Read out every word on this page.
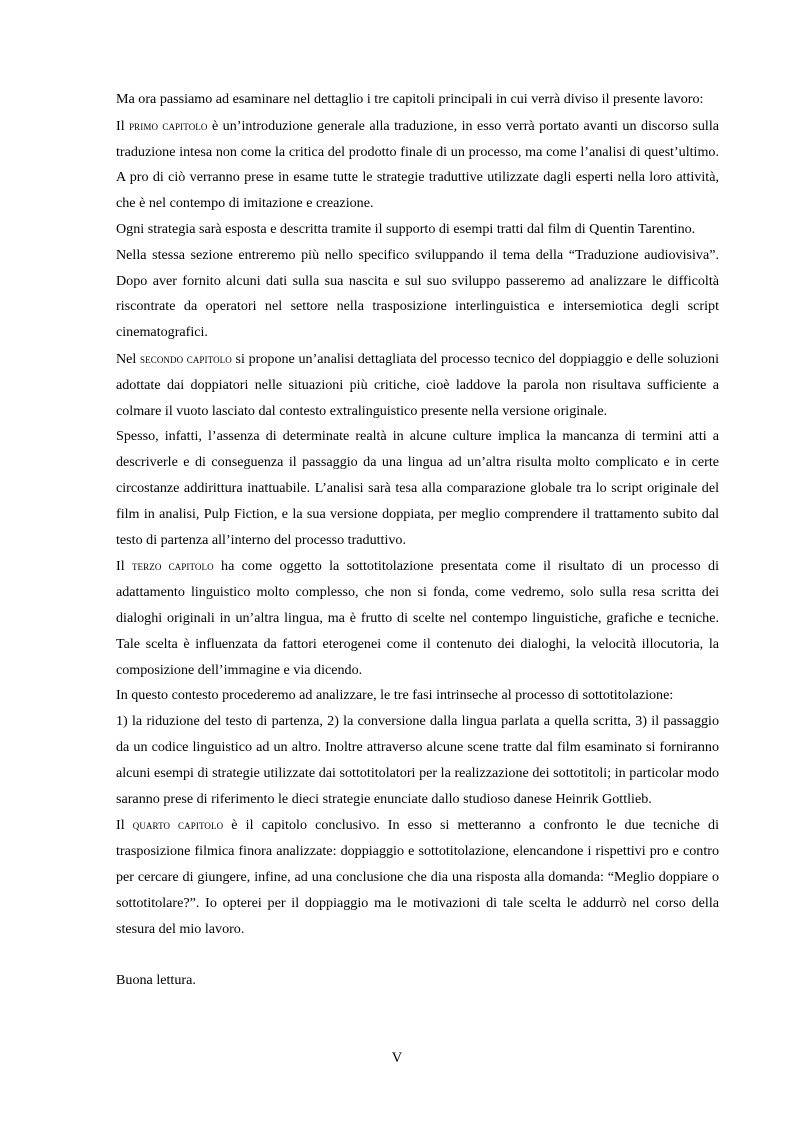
Ma ora passiamo ad esaminare nel dettaglio i tre capitoli principali in cui verrà diviso il presente lavoro:

Il primo capitolo è un’introduzione generale alla traduzione, in esso verrà portato avanti un discorso sulla traduzione intesa non come la critica del prodotto finale di un processo, ma come l’analisi di quest’ultimo. A pro di ciò verranno prese in esame tutte le strategie traduttive utilizzate dagli esperti nella loro attività, che è nel contempo di imitazione e creazione.

Ogni strategia sarà esposta e descritta tramite il supporto di esempi tratti dal film di Quentin Tarentino.

Nella stessa sezione entreremo più nello specifico sviluppando il tema della “Traduzione audiovisiva”. Dopo aver fornito alcuni dati sulla sua nascita e sul suo sviluppo passeremo ad analizzare le difficoltà riscontrate da operatori nel settore nella trasposizione interlinguistica e intersemiotica degli script cinematografici.

Nel secondo capitolo si propone un’analisi dettagliata del processo tecnico del doppiaggio e delle soluzioni adottate dai doppiatori nelle situazioni più critiche, cioè laddove la parola non risultava sufficiente a colmare il vuoto lasciato dal contesto extralinguistico presente nella versione originale.

Spesso, infatti, l’assenza di determinate realtà in alcune culture implica la mancanza di termini atti a descriverle e di conseguenza il passaggio da una lingua ad un’altra risulta molto complicato e in certe circostanze addirittura inattuabile. L’analisi sarà tesa alla comparazione globale tra lo script originale del film in analisi, Pulp Fiction, e la sua versione doppiata, per meglio comprendere il trattamento subito dal testo di partenza all’interno del processo traduttivo.

Il terzo capitolo ha come oggetto la sottotitolazione presentata come il risultato di un processo di adattamento linguistico molto complesso, che non si fonda, come vedremo, solo sulla resa scritta dei dialoghi originali in un’altra lingua, ma è frutto di scelte nel contempo linguistiche, grafiche e tecniche. Tale scelta è influenzata da fattori eterogenei come il contenuto dei dialoghi, la velocità illocutoria, la composizione dell’immagine e via dicendo.

In questo contesto procederemo ad analizzare, le tre fasi intrinseche al processo di sottotitolazione:

1) la riduzione del testo di partenza, 2) la conversione dalla lingua parlata a quella scritta, 3) il passaggio da un codice linguistico ad un altro. Inoltre attraverso alcune scene tratte dal film esaminato si forniranno alcuni esempi di strategie utilizzate dai sottotitolatori per la realizzazione dei sottotitoli; in particolar modo saranno prese di riferimento le dieci strategie enunciate dallo studioso danese Heinrik Gottlieb.

Il quarto capitolo è il capitolo conclusivo. In esso si metteranno a confronto le due tecniche di trasposizione filmica finora analizzate: doppiaggio e sottotitolazione, elencandone i rispettivi pro e contro per cercare di giungere, infine, ad una conclusione che dia una risposta alla domanda: “Meglio doppiare o sottotitolare?”. Io opterei per il doppiaggio ma le motivazioni di tale scelta le addurrò nel corso della stesura del mio lavoro.

Buona lettura.

V
